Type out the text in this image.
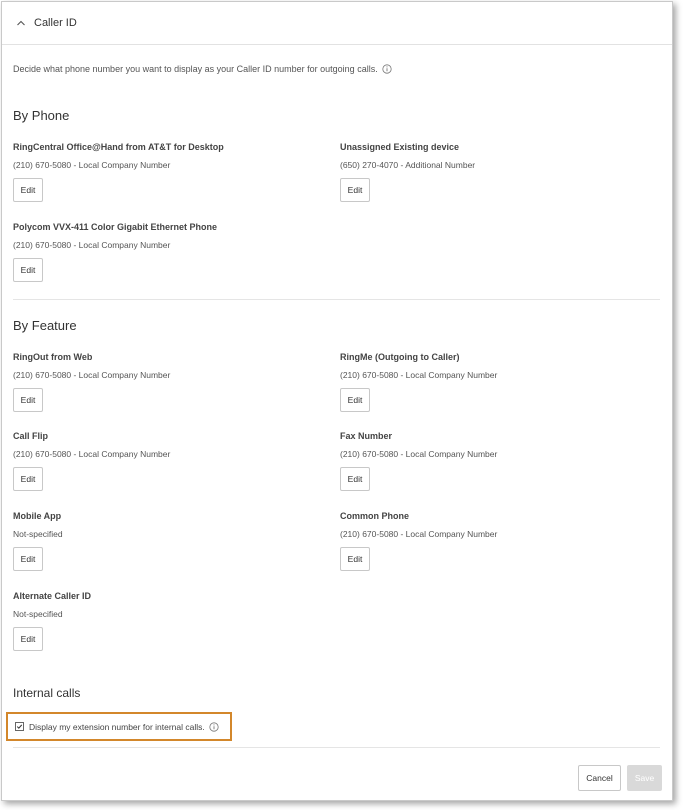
Caller ID
Decide what phone number you want to display as your Caller ID number for outgoing calls.
By Phone
RingCentral Office@Hand from AT&T for Desktop
(210) 670-5080 - Local Company Number
Edit
Unassigned Existing device
(650) 270-4070 - Additional Number
Edit
Polycom VVX-411 Color Gigabit Ethernet Phone
(210) 670-5080 - Local Company Number
Edit
By Feature
RingOut from Web
(210) 670-5080 - Local Company Number
Edit
RingMe (Outgoing to Caller)
(210) 670-5080 - Local Company Number
Edit
Call Flip
(210) 670-5080 - Local Company Number
Edit
Fax Number
(210) 670-5080 - Local Company Number
Edit
Mobile App
Not-specified
Edit
Common Phone
(210) 670-5080 - Local Company Number
Edit
Alternate Caller ID
Not-specified
Edit
Internal calls
Display my extension number for internal calls.
Cancel	Save
